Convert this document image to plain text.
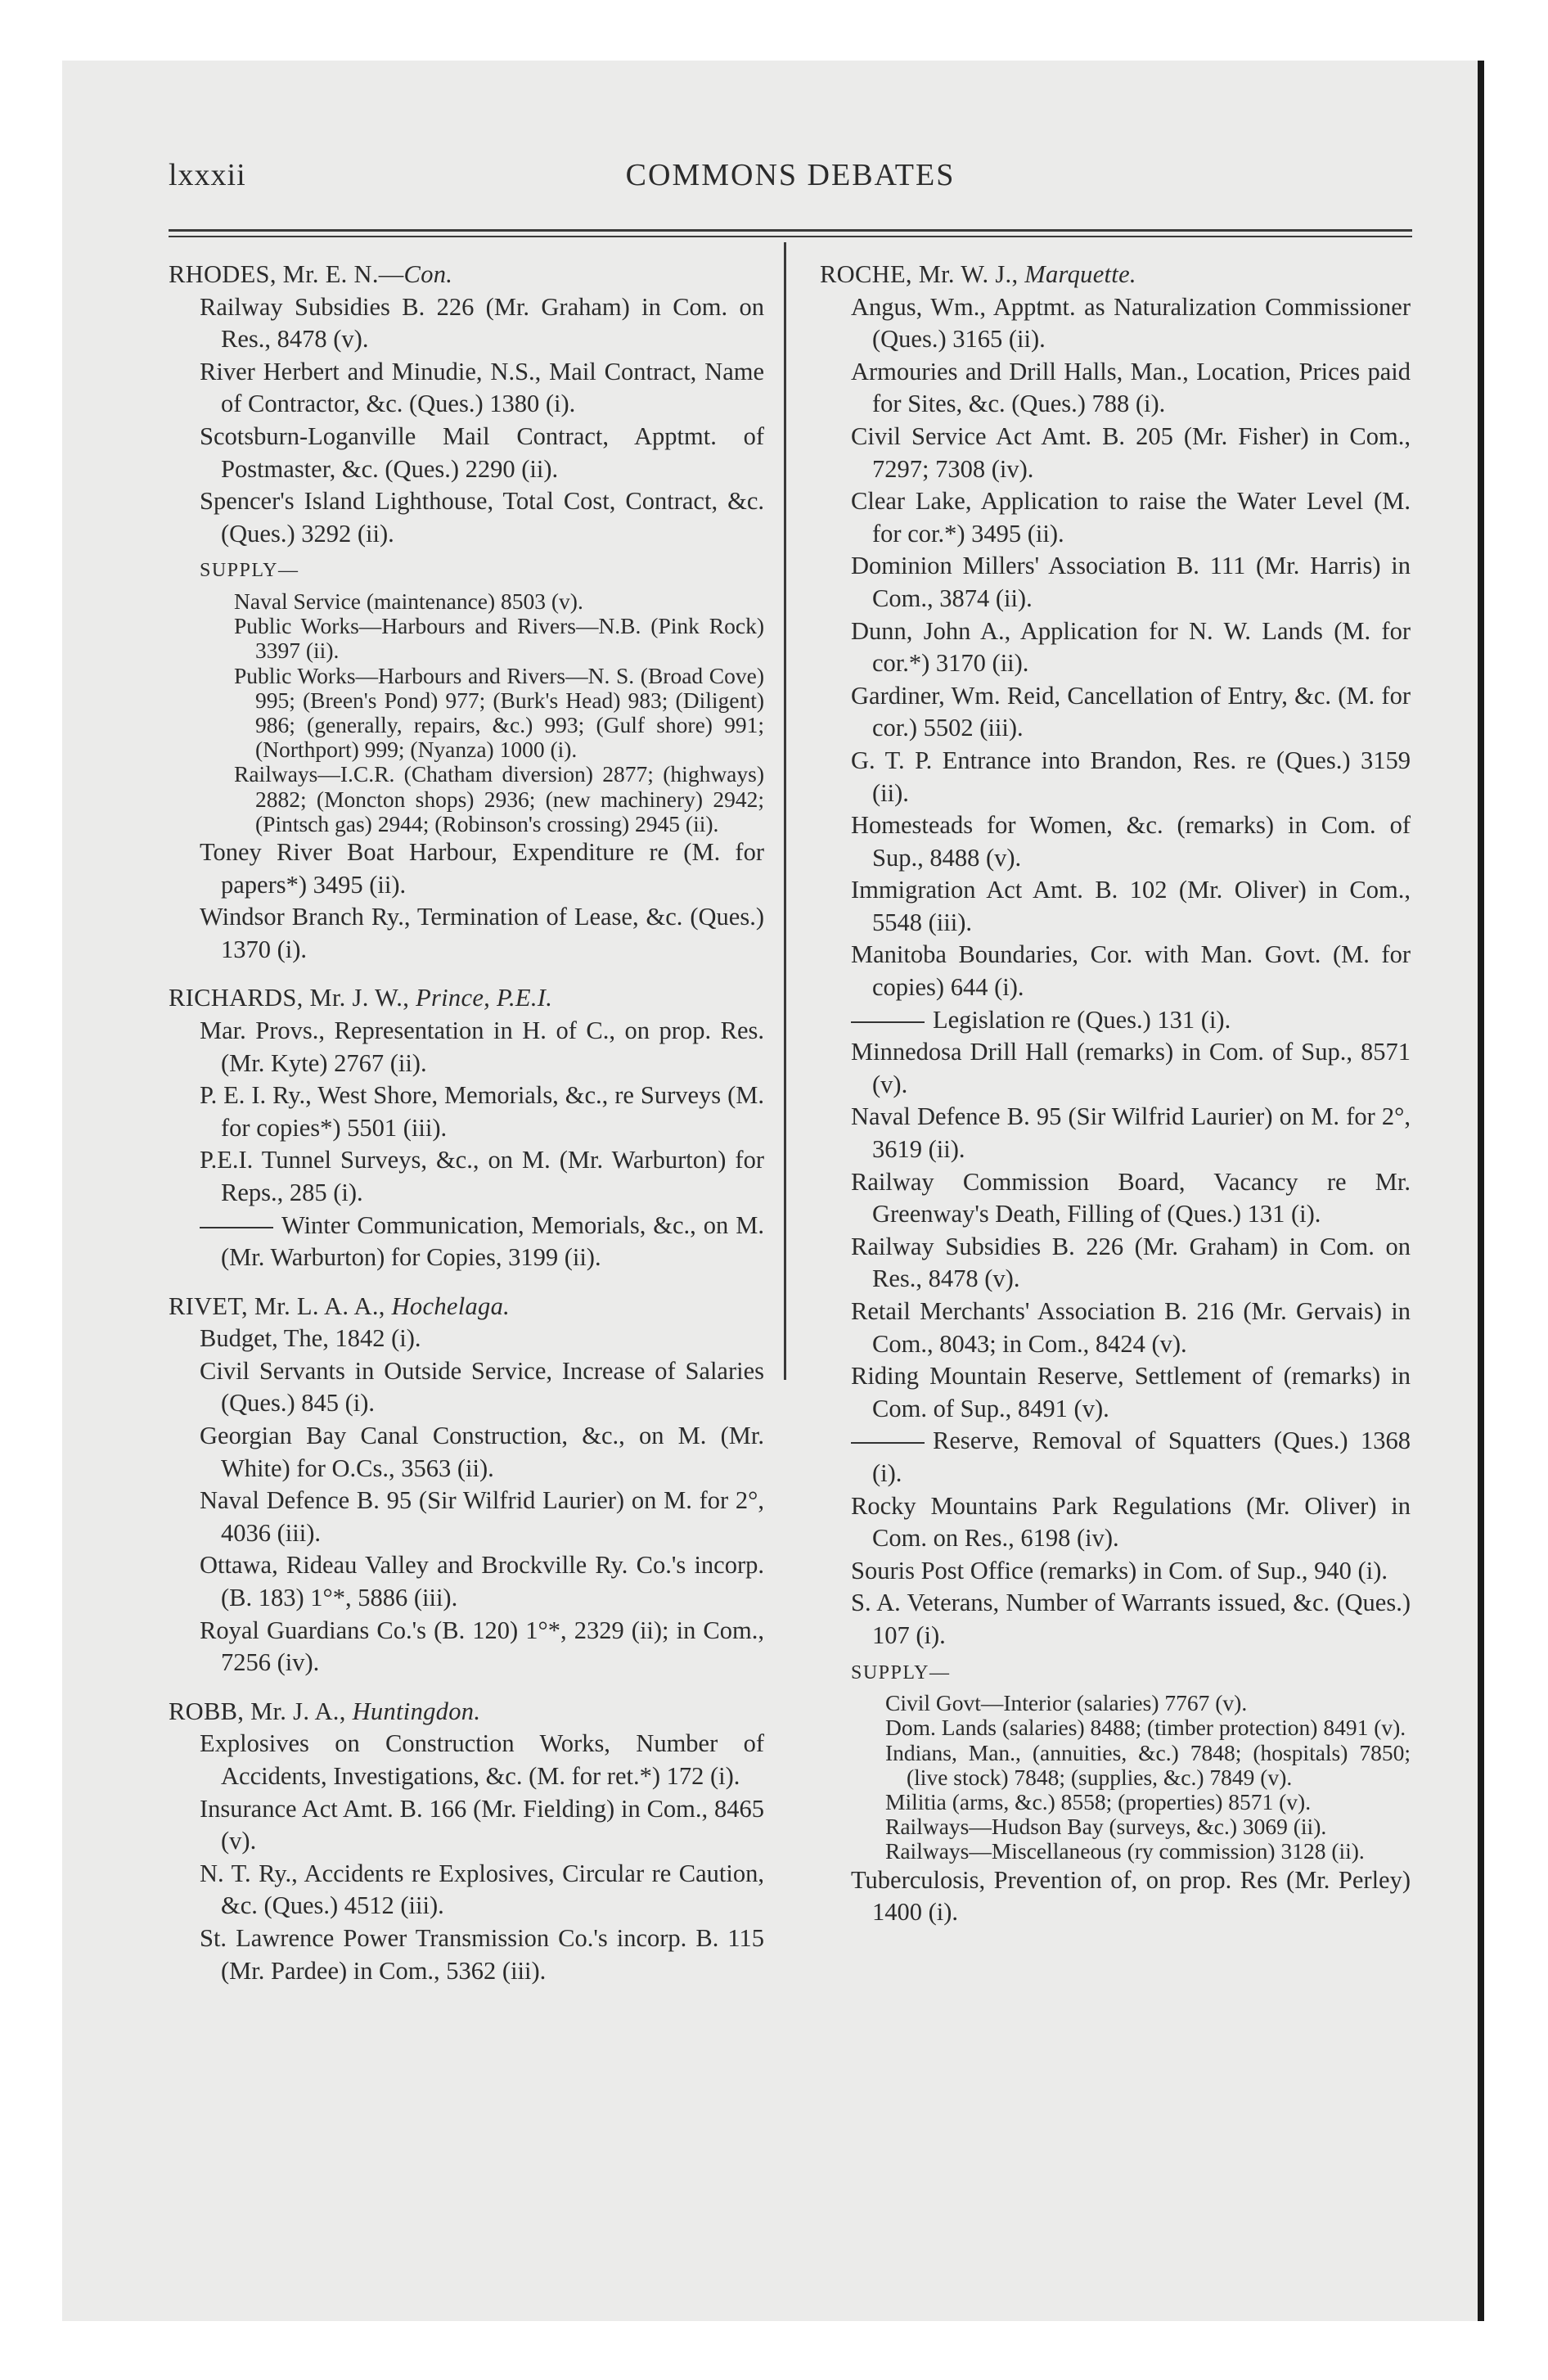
lxxxii	COMMONS DEBATES

RHODES, Mr. E. N.—Con.

Railway Subsidies B. 226 (Mr. Graham) in Com. on Res., 8478 (v).

River Herbert and Minudie, N.S., Mail Contract, Name of Contractor, &c. (Ques.) 1380 (i).

Scotsburn-Loganville Mail Contract, Apptmt. of Postmaster, &c. (Ques.) 2290 (ii).

Spencer's Island Lighthouse, Total Cost, Contract, &c. (Ques.) 3292 (ii).

SUPPLY—

Naval Service (maintenance) 8503 (v).

Public Works—Harbours and Rivers—N.B. (Pink Rock) 3397 (ii).

Public Works—Harbours and Rivers—N. S. (Broad Cove) 995; (Breen's Pond) 977; (Burk's Head) 983; (Diligent) 986; (generally, repairs, &c.) 993; (Gulf shore) 991; (Northport) 999; (Nyanza) 1000 (i).

Railways—I.C.R. (Chatham diversion) 2877; (highways) 2882; (Moncton shops) 2936; (new machinery) 2942; (Pintsch gas) 2944; (Robinson's crossing) 2945 (ii).

Toney River Boat Harbour, Expenditure re (M. for papers*) 3495 (ii).

Windsor Branch Ry., Termination of Lease, &c. (Ques.) 1370 (i).

RICHARDS, Mr. J. W., Prince, P.E.I.

Mar. Provs., Representation in H. of C., on prop. Res. (Mr. Kyte) 2767 (ii).

P. E. I. Ry., West Shore, Memorials, &c., re Surveys (M. for copies*) 5501 (iii).

P.E.I. Tunnel Surveys, &c., on M. (Mr. Warburton) for Reps., 285 (i).

Winter Communication, Memorials, &c., on M. (Mr. Warburton) for Copies, 3199 (ii).

RIVET, Mr. L. A. A., Hochelaga.

Budget, The, 1842 (i).

Civil Servants in Outside Service, Increase of Salaries (Ques.) 845 (i).

Georgian Bay Canal Construction, &c., on M. (Mr. White) for O.Cs., 3563 (ii).

Naval Defence B. 95 (Sir Wilfrid Laurier) on M. for 2°, 4036 (iii).

Ottawa, Rideau Valley and Brockville Ry. Co.'s incorp. (B. 183) 1°*, 5886 (iii).

Royal Guardians Co.'s (B. 120) 1°*, 2329 (ii); in Com., 7256 (iv).

ROBB, Mr. J. A., Huntingdon.

Explosives on Construction Works, Number of Accidents, Investigations, &c. (M. for ret.*) 172 (i).

Insurance Act Amt. B. 166 (Mr. Fielding) in Com., 8465 (v).

N. T. Ry., Accidents re Explosives, Circular re Caution, &c. (Ques.) 4512 (iii).

St. Lawrence Power Transmission Co.'s incorp. B. 115 (Mr. Pardee) in Com., 5362 (iii).

ROCHE, Mr. W. J., Marquette.

Angus, Wm., Apptmt. as Naturalization Commissioner (Ques.) 3165 (ii).

Armouries and Drill Halls, Man., Location, Prices paid for Sites, &c. (Ques.) 788 (i).

Civil Service Act Amt. B. 205 (Mr. Fisher) in Com., 7297; 7308 (iv).

Clear Lake, Application to raise the Water Level (M. for cor.*) 3495 (ii).

Dominion Millers' Association B. 111 (Mr. Harris) in Com., 3874 (ii).

Dunn, John A., Application for N. W. Lands (M. for cor.*) 3170 (ii).

Gardiner, Wm. Reid, Cancellation of Entry, &c. (M. for cor.) 5502 (iii).

G. T. P. Entrance into Brandon, Res. re (Ques.) 3159 (ii).

Homesteads for Women, &c. (remarks) in Com. of Sup., 8488 (v).

Immigration Act Amt. B. 102 (Mr. Oliver) in Com., 5548 (iii).

Manitoba Boundaries, Cor. with Man. Govt. (M. for copies) 644 (i).

Legislation re (Ques.) 131 (i).

Minnedosa Drill Hall (remarks) in Com. of Sup., 8571 (v).

Naval Defence B. 95 (Sir Wilfrid Laurier) on M. for 2°, 3619 (ii).

Railway Commission Board, Vacancy re Mr. Greenway's Death, Filling of (Ques.) 131 (i).

Railway Subsidies B. 226 (Mr. Graham) in Com. on Res., 8478 (v).

Retail Merchants' Association B. 216 (Mr. Gervais) in Com., 8043; in Com., 8424 (v).

Riding Mountain Reserve, Settlement of (remarks) in Com. of Sup., 8491 (v).

Reserve, Removal of Squatters (Ques.) 1368 (i).

Rocky Mountains Park Regulations (Mr. Oliver) in Com. on Res., 6198 (iv).

Souris Post Office (remarks) in Com. of Sup., 940 (i).

S. A. Veterans, Number of Warrants issued, &c. (Ques.) 107 (i).

SUPPLY—

Civil Govt—Interior (salaries) 7767 (v).

Dom. Lands (salaries) 8488; (timber protection) 8491 (v).

Indians, Man., (annuities, &c.) 7848; (hospitals) 7850; (live stock) 7848; (supplies, &c.) 7849 (v).

Militia (arms, &c.) 8558; (properties) 8571 (v).

Railways—Hudson Bay (surveys, &c.) 3069 (ii).

Railways—Miscellaneous (ry commission) 3128 (ii).

Tuberculosis, Prevention of, on prop. Res (Mr. Perley) 1400 (i).
